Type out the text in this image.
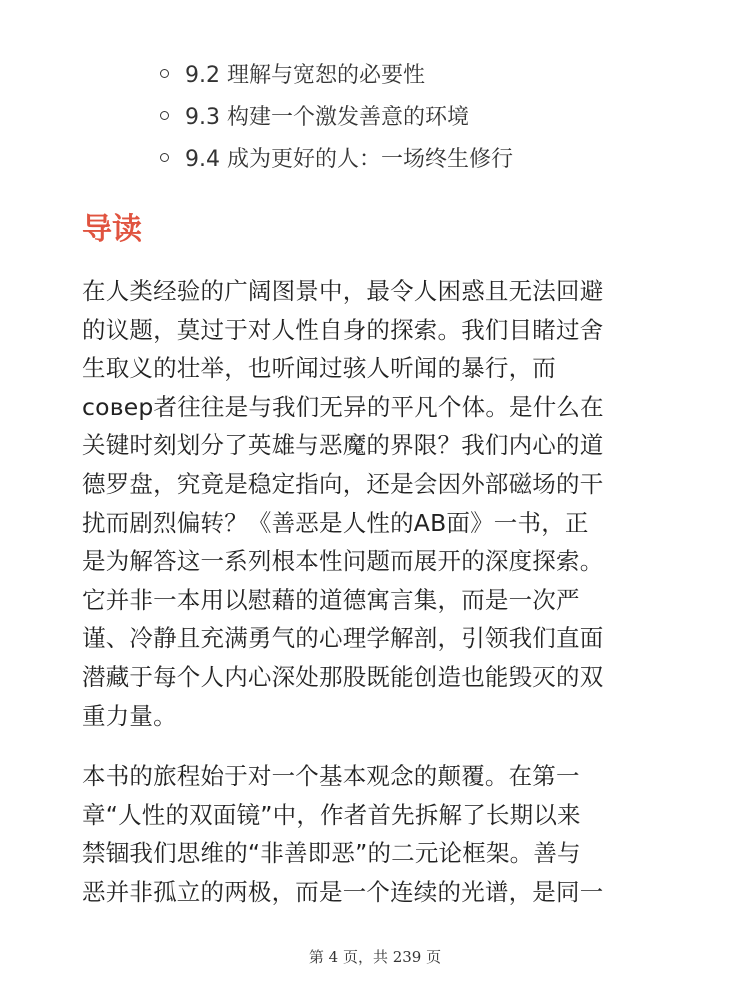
9.2 理解与宽恕的必要性
9.3 构建一个激发善意的环境
9.4 成为更好的人：一场终生修行
导读

在人类经验的广阔图景中，最令人困惑且无法回避
的议题，莫过于对人性自身的探索。我们目睹过舍
生取义的壮举，也听闻过骇人听闻的暴行，而
совер者往往是与我们无异的平凡个体。是什么在
关键时刻划分了英雄与恶魔的界限？我们内心的道
德罗盘，究竟是稳定指向，还是会因外部磁场的干
扰而剧烈偏转？《善恶是人性的AB面》一书，正
是为解答这一系列根本性问题而展开的深度探索。
它并非一本用以慰藉的道德寓言集，而是一次严
谨、冷静且充满勇气的心理学解剖，引领我们直面
潜藏于每个人内心深处那股既能创造也能毁灭的双
重力量。

本书的旅程始于对一个基本观念的颠覆。在第一
章“人性的双面镜”中，作者首先拆解了长期以来
禁锢我们思维的“非善即恶”的二元论框架。善与
恶并非孤立的两极，而是一个连续的光谱，是同一

第 4 页，共 239 页
